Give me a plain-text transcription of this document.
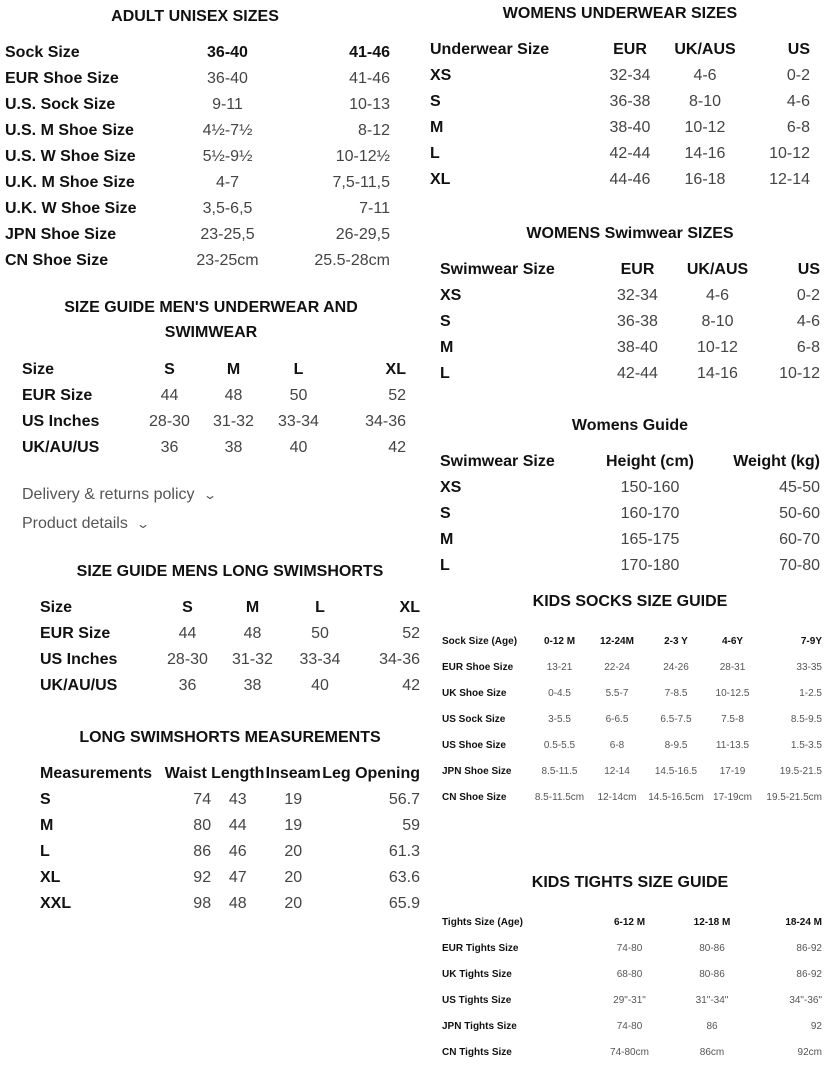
ADULT UNISEX SIZES
Sock Size	36-40	41-46
EUR Shoe Size	36-40	41-46
U.S. Sock Size	9-11	10-13
U.S. M Shoe Size	4½-7½	8-12
U.S. W Shoe Size	5½-9½	10-12½
U.K. M Shoe Size	4-7	7,5-11,5
U.K. W Shoe Size	3,5-6,5	7-11
JPN Shoe Size	23-25,5	26-29,5
CN Shoe Size	23-25cm	25.5-28cm
SIZE GUIDE MEN'S UNDERWEAR AND
SWIMWEAR
Size	S	M	L	XL
EUR Size	44	48	50	52
US Inches	28-30	31-32	33-34	34-36
UK/AU/US	36	38	40	42
Delivery & returns policy ⌄
Product details ⌄
SIZE GUIDE MENS LONG SWIMSHORTS
Size	S	M	L	XL
EUR Size	44	48	50	52
US Inches	28-30	31-32	33-34	34-36
UK/AU/US	36	38	40	42
LONG SWIMSHORTS MEASUREMENTS
Measurements	Waist	Length	Inseam	Leg Opening
S	74	43	19	56.7
M	80	44	19	59
L	86	46	20	61.3
XL	92	47	20	63.6
XXL	98	48	20	65.9
WOMENS UNDERWEAR SIZES
Underwear Size	EUR	UK/AUS	US
XS	32-34	4-6	0-2
S	36-38	8-10	4-6
M	38-40	10-12	6-8
L	42-44	14-16	10-12
XL	44-46	16-18	12-14
WOMENS Swimwear SIZES
Swimwear Size	EUR	UK/AUS	US
XS	32-34	4-6	0-2
S	36-38	8-10	4-6
M	38-40	10-12	6-8
L	42-44	14-16	10-12
Womens Guide
Swimwear Size	Height (cm)	Weight (kg)
XS	150-160	45-50
S	160-170	50-60
M	165-175	60-70
L	170-180	70-80
KIDS SOCKS SIZE GUIDE
Sock Size (Age)	0-12 M	12-24M	2-3 Y	4-6Y	7-9Y
EUR Shoe Size	13-21	22-24	24-26	28-31	33-35
UK Shoe Size	0-4.5	5.5-7	7-8.5	10-12.5	1-2.5
US Sock Size	3-5.5	6-6.5	6.5-7.5	7.5-8	8.5-9.5
US Shoe Size	0.5-5.5	6-8	8-9.5	11-13.5	1.5-3.5
JPN Shoe Size	8.5-11.5	12-14	14.5-16.5	17-19	19.5-21.5
CN Shoe Size	8.5-11.5cm	12-14cm	14.5-16.5cm	17-19cm	19.5-21.5cm
KIDS TIGHTS SIZE GUIDE
Tights Size (Age)	6-12 M	12-18 M	18-24 M
EUR Tights Size	74-80	80-86	86-92
UK Tights Size	68-80	80-86	86-92
US Tights Size	29"-31"	31"-34"	34"-36"
JPN Tights Size	74-80	86	92
CN Tights Size	74-80cm	86cm	92cm
